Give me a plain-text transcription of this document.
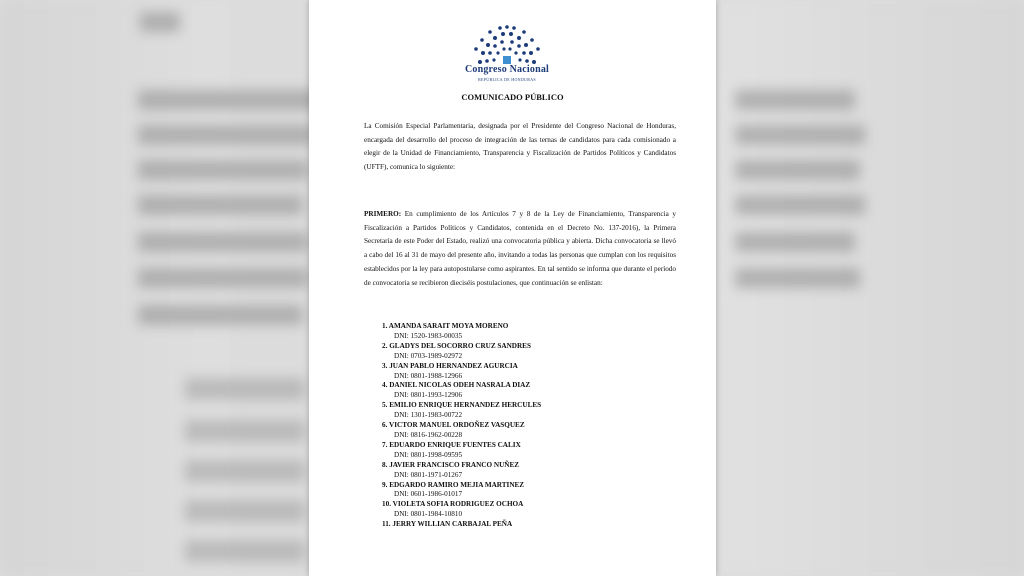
Congreso Nacional
REPÚBLICA DE HONDURAS
COMUNICADO PÚBLICO

La Comisión Especial Parlamentaria, designada por el Presidente del Congreso Nacional de Honduras, encargada del desarrollo del proceso de integración de las ternas de candidatos para cada comisionado a elegir de la Unidad de Financiamiento, Transparencia y Fiscalización de Partidos Políticos y Candidatos (UFTF), comunica lo siguiente:

PRIMERO: En cumplimiento de los Artículos 7 y 8 de la Ley de Financiamiento, Transparencia y Fiscalización a Partidos Políticos y Candidatos, contenida en el Decreto No. 137-2016), la Primera Secretaría de este Poder del Estado, realizó una convocatoria pública y abierta. Dicha convocatoria se llevó a cabo del 16 al 31 de mayo del presente año, invitando a todas las personas que cumplan con los requisitos establecidos por la ley para autopostularse como aspirantes. En tal sentido se informa que durante el período de convocatoria se recibieron dieciséis postulaciones, que continuación se enlistan:

1. AMANDA SARAIT MOYA MORENO
DNI: 1520-1983-00035
2. GLADYS DEL SOCORRO CRUZ SANDRES
DNI: 0703-1989-02972
3. JUAN PABLO HERNANDEZ AGURCIA
DNI: 0801-1988-12966
4. DANIEL NICOLAS ODEH NASRALA DIAZ
DNI: 0801-1993-12906
5. EMILIO ENRIQUE HERNANDEZ HERCULES
DNI: 1301-1983-00722
6. VICTOR MANUEL ORDOÑEZ VASQUEZ
DNI: 0816-1962-00228
7. EDUARDO ENRIQUE FUENTES CALIX
DNI: 0801-1998-09595
8. JAVIER FRANCISCO FRANCO NUÑEZ
DNI: 0801-1971-01267
9. EDGARDO RAMIRO MEJIA MARTINEZ
DNI: 0601-1986-01017
10. VIOLETA SOFIA RODRIGUEZ OCHOA
DNI: 0801-1984-10810
11. JERRY WILLIAN CARBAJAL PEÑA
